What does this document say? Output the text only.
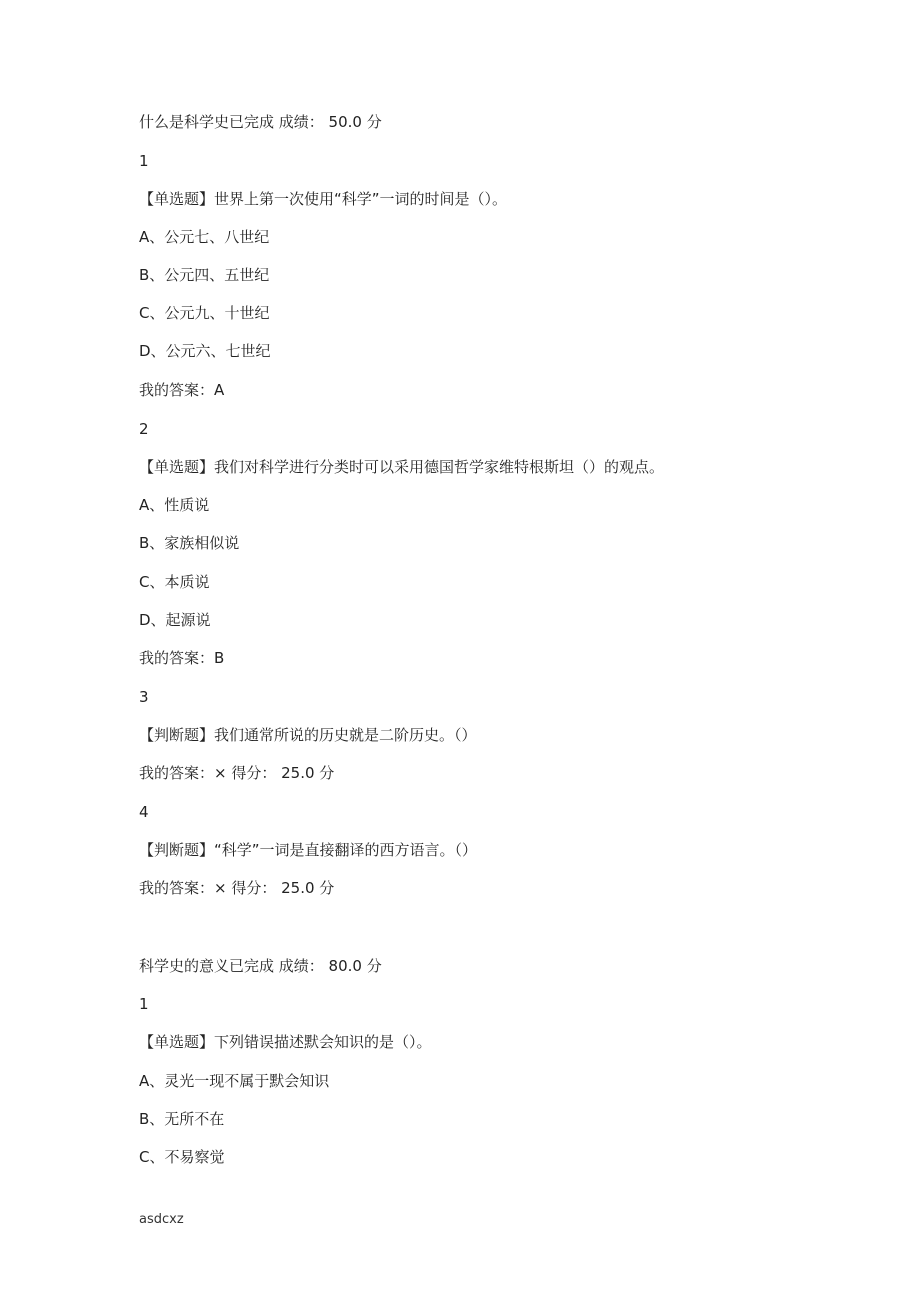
什么是科学史已完成 成绩： 50.0 分
1
【单选题】世界上第一次使用“科学”一词的时间是（）。
A、公元七、八世纪
B、公元四、五世纪
C、公元九、十世纪
D、公元六、七世纪
我的答案：A
2
【单选题】我们对科学进行分类时可以采用德国哲学家维特根斯坦（）的观点。
A、性质说
B、家族相似说
C、本质说
D、起源说
我的答案：B
3
【判断题】我们通常所说的历史就是二阶历史。（）
我的答案：× 得分： 25.0 分
4
【判断题】“科学”一词是直接翻译的西方语言。（）
我的答案：× 得分： 25.0 分
科学史的意义已完成 成绩： 80.0 分
1
【单选题】下列错误描述默会知识的是（）。
A、灵光一现不属于默会知识
B、无所不在
C、不易察觉
asdcxz
